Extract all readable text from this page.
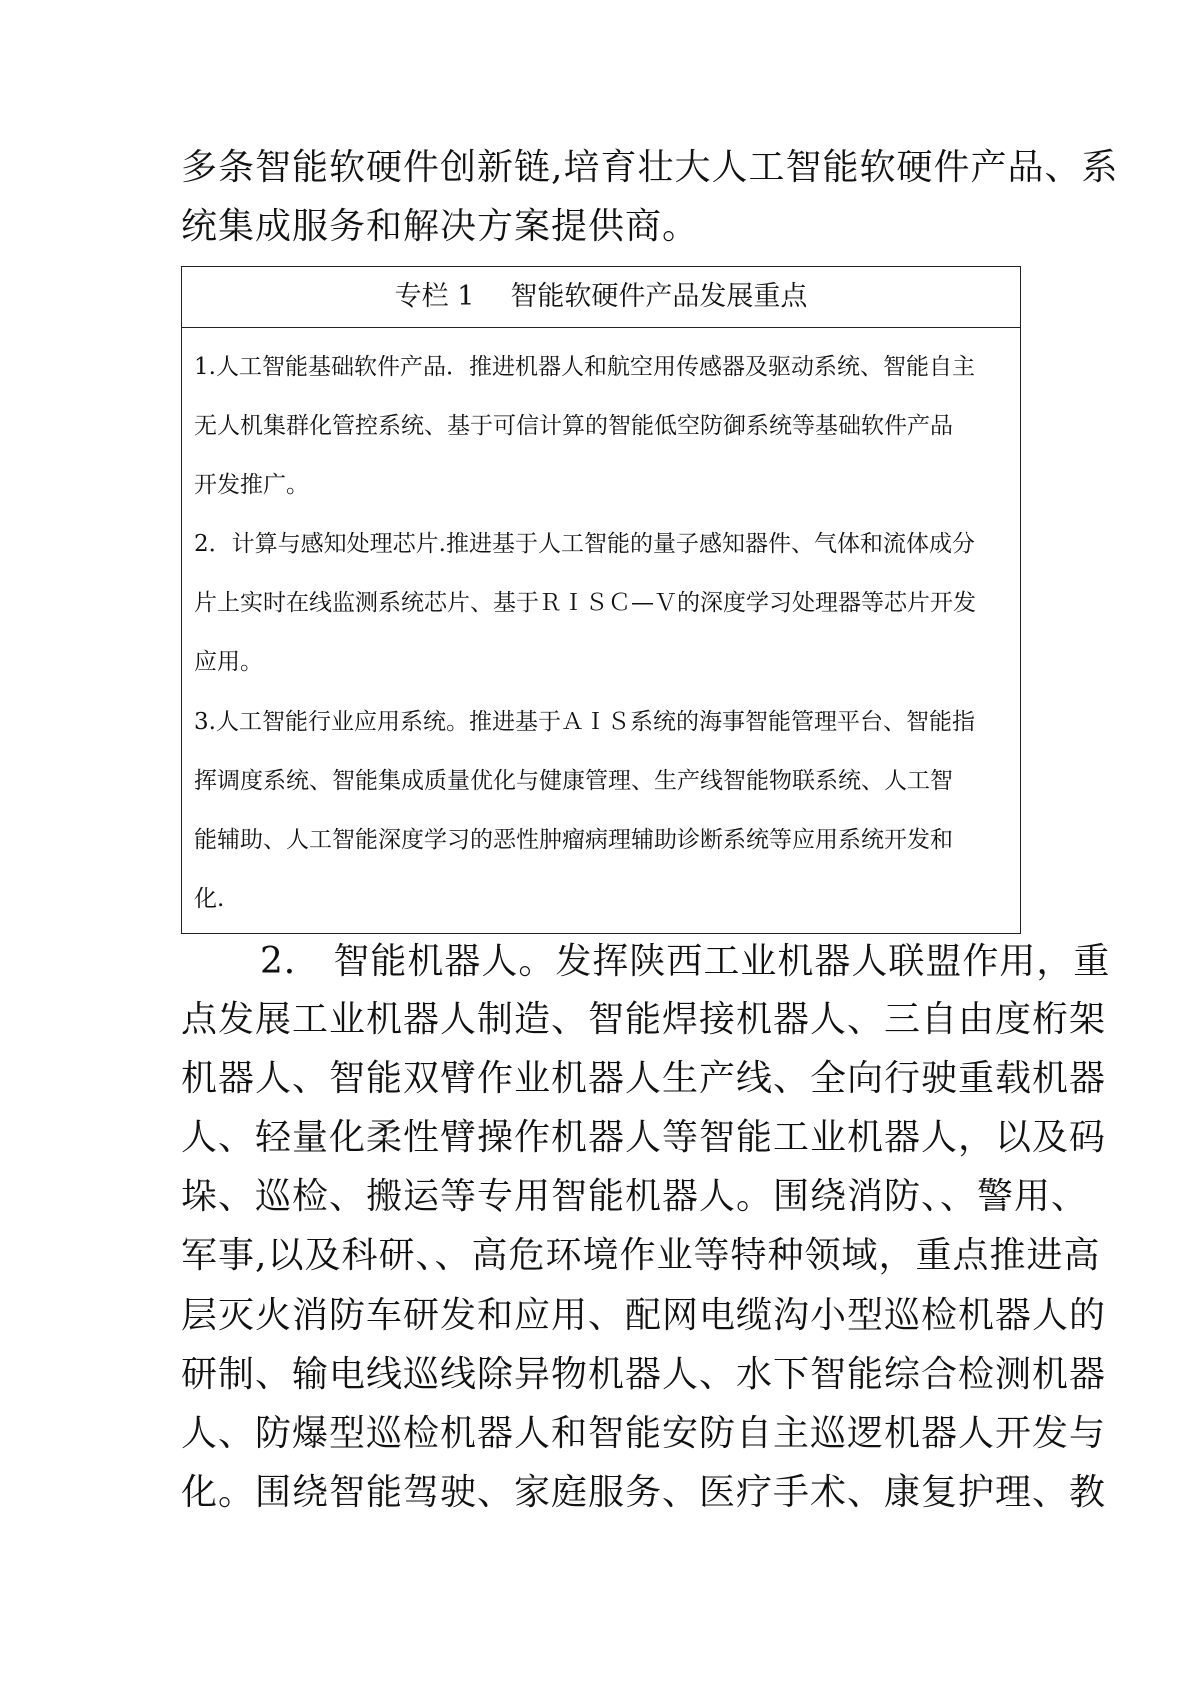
多条智能软硬件创新链,培育壮大人工智能软硬件产品、系
统集成服务和解决方案提供商。
专栏 1 智能软硬件产品发展重点
1.人工智能基础软件产品．推进机器人和航空用传感器及驱动系统、智能自主
无人机集群化管控系统、基于可信计算的智能低空防御系统等基础软件产品
开发推广。
2．计算与感知处理芯片.推进基于人工智能的量子感知器件、气体和流体成分
片上实时在线监测系统芯片、基于ＲＩＳＣ—Ｖ的深度学习处理器等芯片开发
应用。
3.人工智能行业应用系统。推进基于ＡＩＳ系统的海事智能管理平台、智能指
挥调度系统、智能集成质量优化与健康管理、生产线智能物联系统、人工智
能辅助、人工智能深度学习的恶性肿瘤病理辅助诊断系统等应用系统开发和
化.
2． 智能机器人。发挥陕西工业机器人联盟作用，重
点发展工业机器人制造、智能焊接机器人、三自由度桁架
机器人、智能双臂作业机器人生产线、全向行驶重载机器
人、轻量化柔性臂操作机器人等智能工业机器人，以及码
垛、巡检、搬运等专用智能机器人。围绕消防、、警用、
军事,以及科研、、高危环境作业等特种领域，重点推进高
层灭火消防车研发和应用、配网电缆沟小型巡检机器人的
研制、输电线巡线除异物机器人、水下智能综合检测机器
人、防爆型巡检机器人和智能安防自主巡逻机器人开发与
化。围绕智能驾驶、家庭服务、医疗手术、康复护理、教
